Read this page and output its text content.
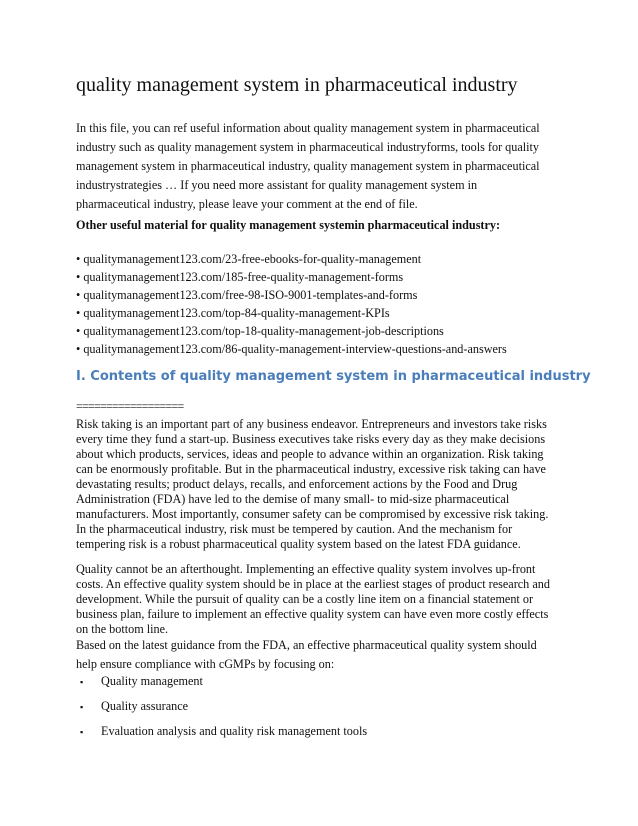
quality management system in pharmaceutical industry

In this file, you can ref useful information about quality management system in pharmaceutical

industry such as quality management system in pharmaceutical industryforms, tools for quality

management system in pharmaceutical industry, quality management system in pharmaceutical

industrystrategies … If you need more assistant for quality management system in

pharmaceutical industry, please leave your comment at the end of file.

Other useful material for quality management systemin pharmaceutical industry:
• qualitymanagement123.com/23-free-ebooks-for-quality-management
• qualitymanagement123.com/185-free-quality-management-forms
• qualitymanagement123.com/free-98-ISO-9001-templates-and-forms
• qualitymanagement123.com/top-84-quality-management-KPIs
• qualitymanagement123.com/top-18-quality-management-job-descriptions
• qualitymanagement123.com/86-quality-management-interview-questions-and-answers
I. Contents of quality management system in pharmaceutical industry
==================

Risk taking is an important part of any business endeavor. Entrepreneurs and investors take risks

every time they fund a start-up. Business executives take risks every day as they make decisions

about which products, services, ideas and people to advance within an organization. Risk taking

can be enormously profitable. But in the pharmaceutical industry, excessive risk taking can have

devastating results; product delays, recalls, and enforcement actions by the Food and Drug

Administration (FDA) have led to the demise of many small- to mid-size pharmaceutical

manufacturers. Most importantly, consumer safety can be compromised by excessive risk taking.

In the pharmaceutical industry, risk must be tempered by caution. And the mechanism for

tempering risk is a robust pharmaceutical quality system based on the latest FDA guidance.

Quality cannot be an afterthought. Implementing an effective quality system involves up-front

costs. An effective quality system should be in place at the earliest stages of product research and

development. While the pursuit of quality can be a costly line item on a financial statement or

business plan, failure to implement an effective quality system can have even more costly effects

on the bottom line.

Based on the latest guidance from the FDA, an effective pharmaceutical quality system should

help ensure compliance with cGMPs by focusing on:

▪ Quality management
▪ Quality assurance
▪ Evaluation analysis and quality risk management tools
